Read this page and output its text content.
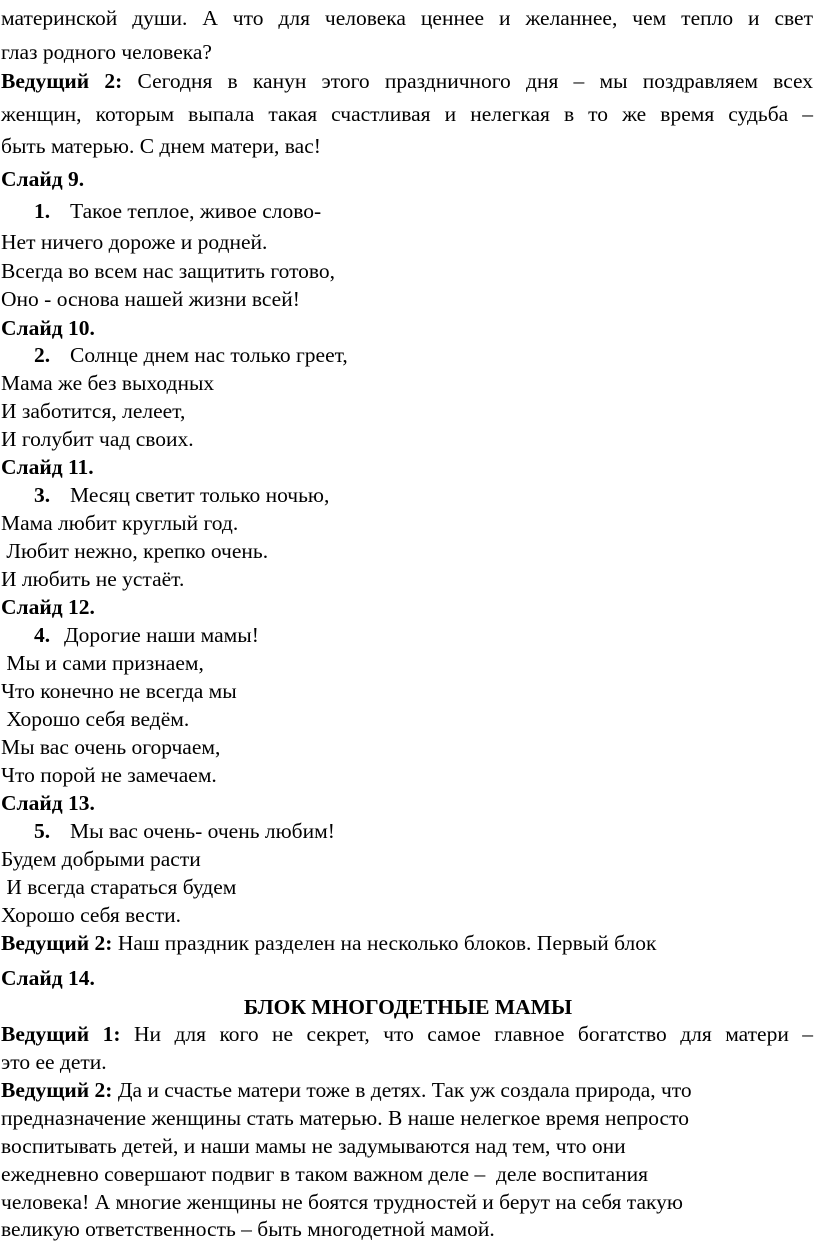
материнской души. А что для человека ценнее и желаннее, чем тепло и свет
глаз родного человека?
Ведущий 2: Сегодня в канун этого праздничного дня – мы поздравляем всех
женщин, которым выпала такая счастливая и нелегкая в то же время судьба –
быть матерью. С днем матери, вас!
Слайд 9.
1. Такое теплое, живое слово-
Нет ничего дороже и родней.
Всегда во всем нас защитить готово,
Оно - основа нашей жизни всей!
Слайд 10.
2. Солнце днем нас только греет,
Мама же без выходных
И заботится, лелеет,
И голубит чад своих.
Слайд 11.
3. Месяц светит только ночью,
Мама любит круглый год.
Любит нежно, крепко очень.
И любить не устаёт.
Слайд 12.
4. Дорогие наши мамы!
Мы и сами признаем,
Что конечно не всегда мы
Хорошо себя ведём.
Мы вас очень огорчаем,
Что порой не замечаем.
Слайд 13.
5. Мы вас очень- очень любим!
Будем добрыми расти
И всегда стараться будем
Хорошо себя вести.
Ведущий 2: Наш праздник разделен на несколько блоков. Первый блок
Слайд 14.
БЛОК МНОГОДЕТНЫЕ МАМЫ
Ведущий 1: Ни для кого не секрет, что самое главное богатство для матери –
это ее дети.
Ведущий 2: Да и счастье матери тоже в детях. Так уж создала природа, что
предназначение женщины стать матерью. В наше нелегкое время непросто
воспитывать детей, и наши мамы не задумываются над тем, что они
ежедневно совершают подвиг в таком важном деле –  деле воспитания
человека! А многие женщины не боятся трудностей и берут на себя такую
великую ответственность – быть многодетной мамой.
